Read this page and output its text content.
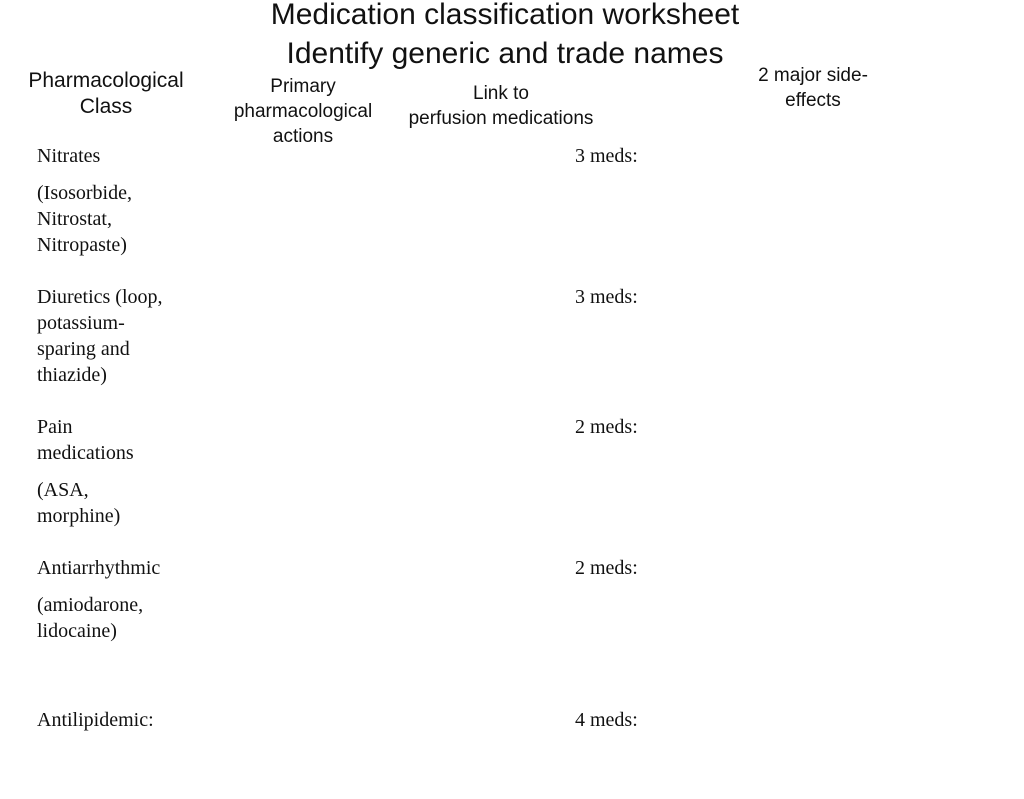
Medication classification worksheet
Identify generic and trade names
Pharmacological
Class
Primary
pharmacological
actions
Link to
perfusion medications
2 major side-
effects
Nitrates
(Isosorbide,
Nitrostat,
Nitropaste)
3 meds:
Diuretics (loop,
potassium-
sparing and
thiazide)
3 meds:
Pain
medications
(ASA,
morphine)
2 meds:
Antiarrhythmic
(amiodarone,
lidocaine)
2 meds:
Antilipidemic:	4 meds:
